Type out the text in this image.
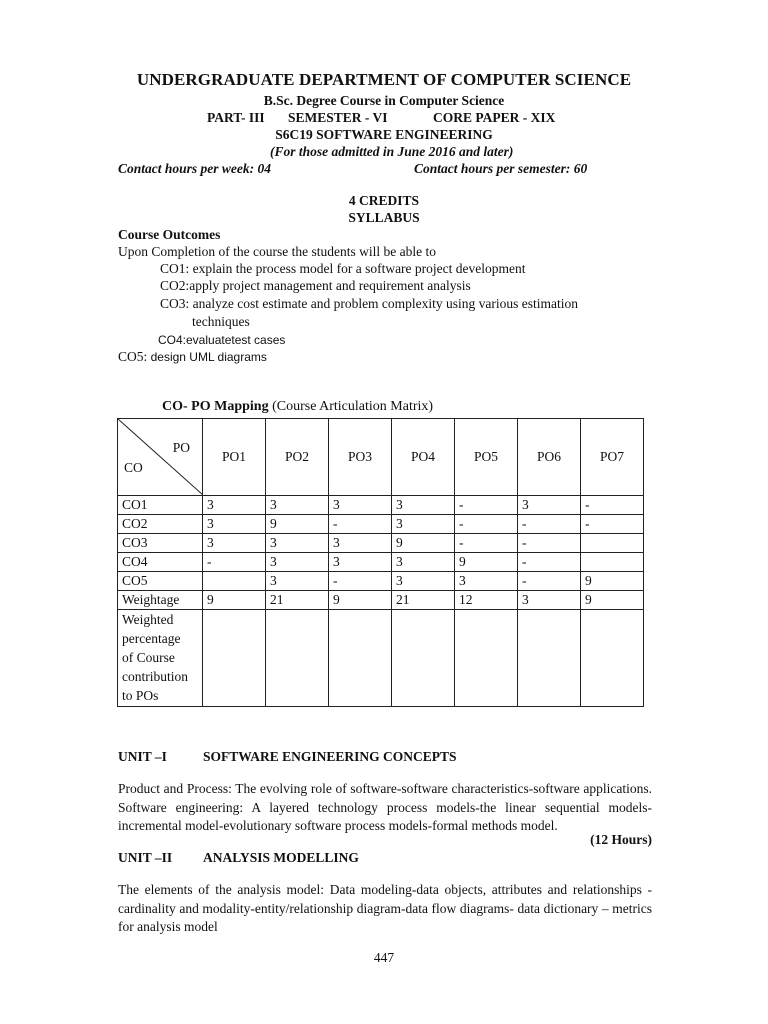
UNDERGRADUATE DEPARTMENT OF COMPUTER SCIENCE
B.Sc. Degree Course in Computer Science
PART- III SEMESTER - VI	CORE PAPER - XIX
S6C19 SOFTWARE ENGINEERING
(For those admitted in June 2016 and later)
Contact hours per week: 04	Contact hours per semester: 60
4 CREDITS
SYLLABUS
Course Outcomes
Upon Completion of the course the students will be able to
CO1: explain the process model for a software project development
CO2:apply project management and requirement analysis
CO3: analyze cost estimate and problem complexity using various estimation
techniques
CO4:evaluatetest cases
CO5: design UML diagrams
CO- PO Mapping (Course Articulation Matrix)
PO
CO	PO1	PO2	PO3	PO4	PO5	PO6	PO7
CO1	3	3	3	3	-	3	-
CO2	3	9	-	3	-	-	-
CO3	3	3	3	9	-	-	
CO4	-	3	3	3	9	-	
CO5		3	-	3	3	-	9
Weightage	9	21	9	21	12	3	9

Weighted
percentage
of Course
contribution
to POs							

UNIT –I	SOFTWARE ENGINEERING CONCEPTS
Product and Process: The evolving role of software-software characteristics-software applications. Software engineering: A layered technology process models-the linear sequential models-incremental model-evolutionary software process models-formal methods model.
(12 Hours)
UNIT –II ANALYSIS MODELLING
The elements of the analysis model: Data modeling-data objects, attributes and relationships - cardinality and modality-entity/relationship diagram-data flow diagrams- data dictionary – metrics for analysis model
447
